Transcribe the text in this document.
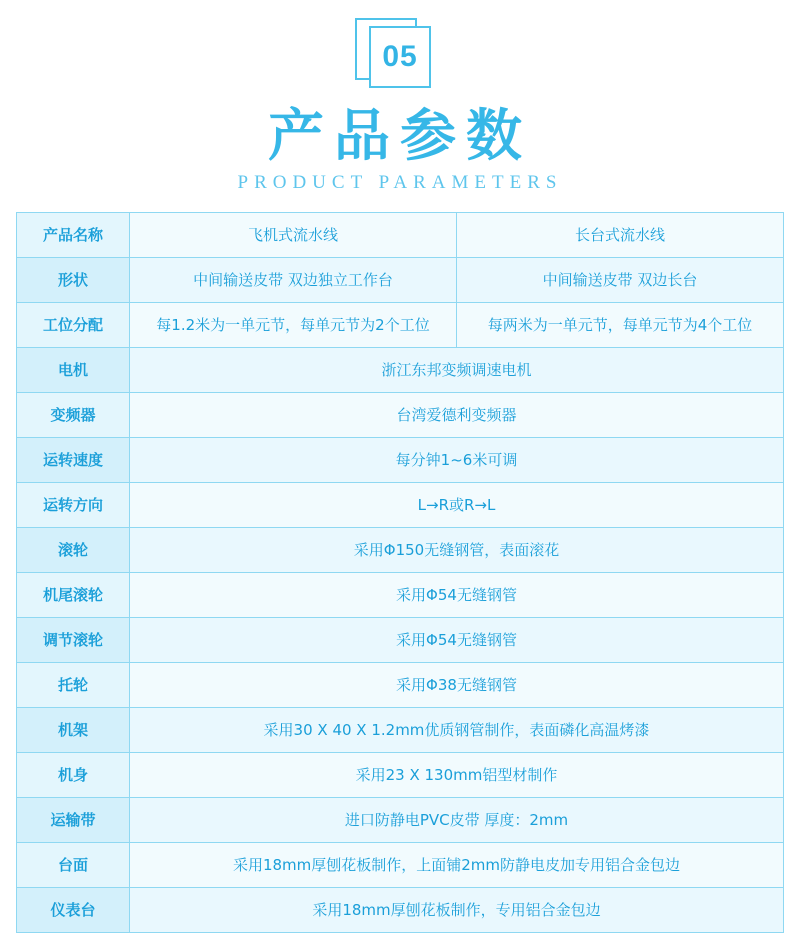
05
产品参数
PRODUCT PARAMETERS
产品名称	飞机式流水线	长台式流水线
形状	中间输送皮带 双边独立工作台	中间输送皮带 双边长台
工位分配	每1.2米为一单元节，每单元节为2个工位	每两米为一单元节，每单元节为4个工位
电机	浙江东邦变频调速电机	
变频器	台湾爱德利变频器	
运转速度	每分钟1~6米可调	
运转方向	L→R或R→L	
滚轮	采用Φ150无缝钢管，表面滚花	
机尾滚轮	采用Φ54无缝钢管	
调节滚轮	采用Φ54无缝钢管	
托轮	采用Φ38无缝钢管	
机架	采用30 X 40 X 1.2mm优质钢管制作，表面磷化高温烤漆	
机身	采用23 X 130mm铝型材制作	
运输带	进口防静电PVC皮带 厚度：2mm	
台面	采用18mm厚刨花板制作，上面铺2mm防静电皮加专用铝合金包边	
仪表台	采用18mm厚刨花板制作，专用铝合金包边	
